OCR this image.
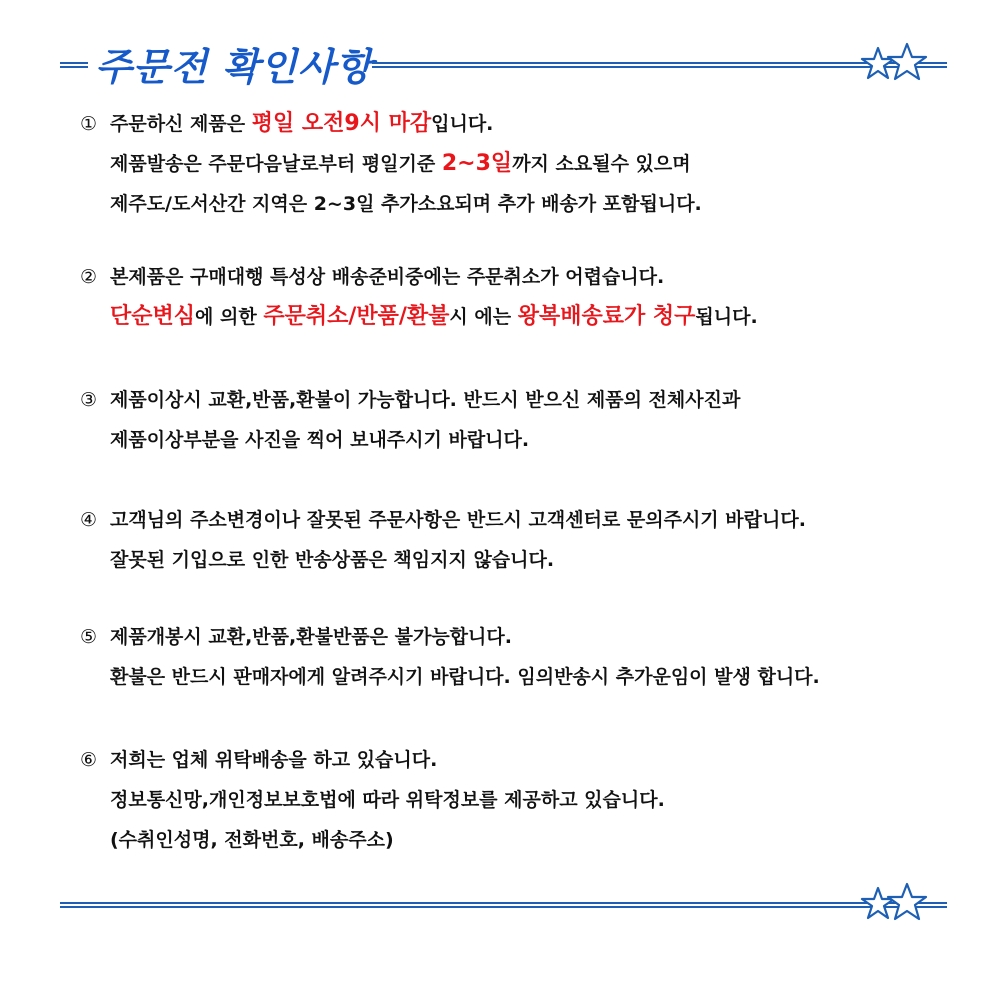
주문전 확인사항
① 주문하신 제품은 평일 오전9시 마감입니다.
제품발송은 주문다음날로부터 평일기준 2~3일까지 소요될수 있으며
제주도/도서산간 지역은 2~3일 추가소요되며 추가 배송가 포함됩니다.
② 본제품은 구매대행 특성상 배송준비중에는 주문취소가 어렵습니다.
단순변심에 의한 주문취소/반품/환불시 에는 왕복배송료가 청구됩니다.
③ 제품이상시 교환,반품,환불이 가능합니다. 반드시 받으신 제품의 전체사진과
제품이상부분을 사진을 찍어 보내주시기 바랍니다.
④ 고객님의 주소변경이나 잘못된 주문사항은 반드시 고객센터로 문의주시기 바랍니다.
잘못된 기입으로 인한 반송상품은 책임지지 않습니다.
⑤ 제품개봉시 교환,반품,환불반품은 불가능합니다.
환불은 반드시 판매자에게 알려주시기 바랍니다. 임의반송시 추가운임이 발생 합니다.
⑥ 저희는 업체 위탁배송을 하고 있습니다.
정보통신망,개인정보보호법에 따라 위탁정보를 제공하고 있습니다.
(수취인성명, 전화번호, 배송주소)
